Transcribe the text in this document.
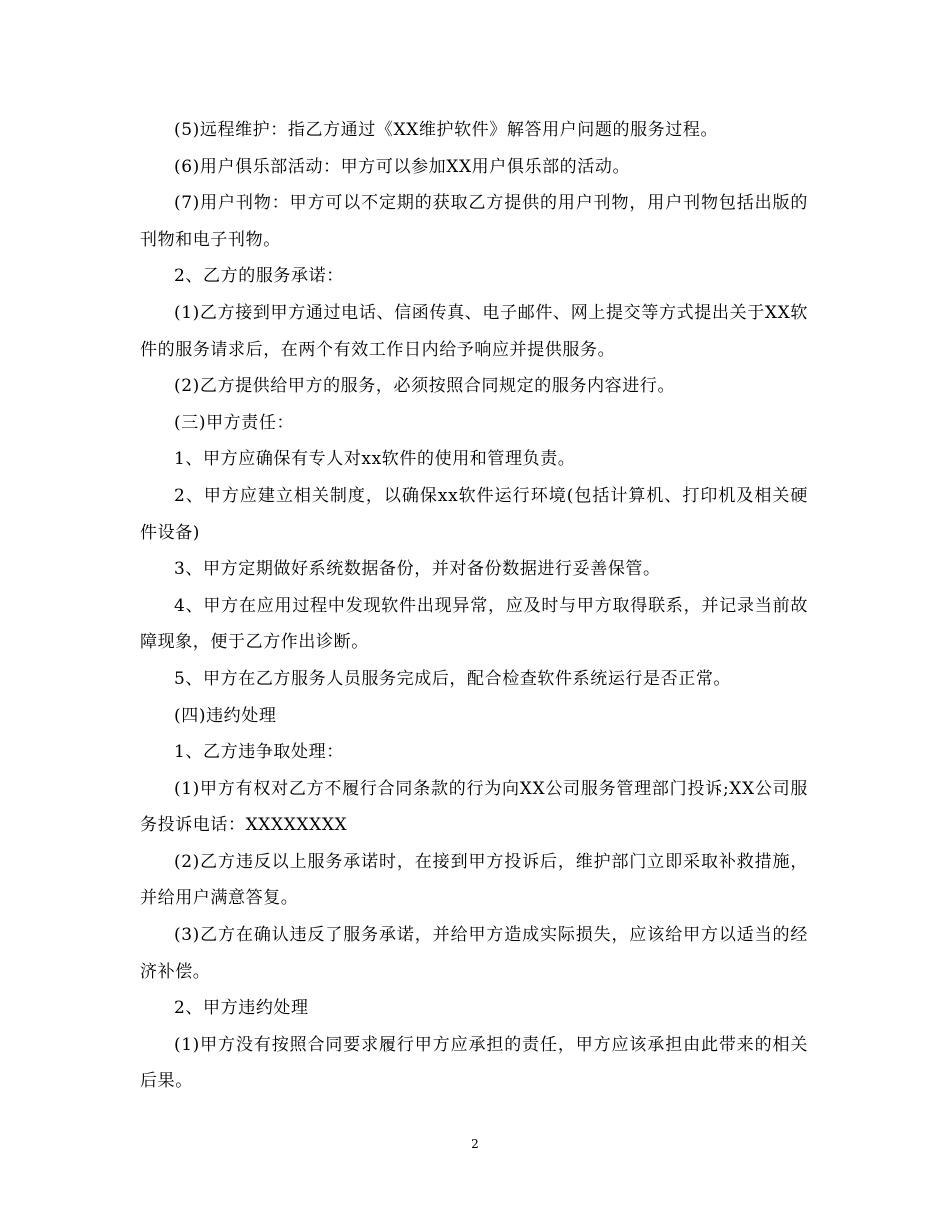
(5)远程维护：指乙方通过《XX维护软件》解答用户问题的服务过程。

(6)用户俱乐部活动：甲方可以参加XX用户俱乐部的活动。

(7)用户刊物：甲方可以不定期的获取乙方提供的用户刊物，用户刊物包括出版的刊物和电子刊物。

2、乙方的服务承诺：

(1)乙方接到甲方通过电话、信函传真、电子邮件、网上提交等方式提出关于XX软件的服务请求后，在两个有效工作日内给予响应并提供服务。

(2)乙方提供给甲方的服务，必须按照合同规定的服务内容进行。

(三)甲方责任：

1、甲方应确保有专人对xx软件的使用和管理负责。

2、甲方应建立相关制度，以确保xx软件运行环境(包括计算机、打印机及相关硬件设备)

3、甲方定期做好系统数据备份，并对备份数据进行妥善保管。

4、甲方在应用过程中发现软件出现异常，应及时与甲方取得联系，并记录当前故障现象，便于乙方作出诊断。

5、甲方在乙方服务人员服务完成后，配合检查软件系统运行是否正常。

(四)违约处理

1、乙方违争取处理：

(1)甲方有权对乙方不履行合同条款的行为向XX公司服务管理部门投诉;XX公司服务投诉电话：XXXXXXXX

(2)乙方违反以上服务承诺时，在接到甲方投诉后，维护部门立即采取补救措施，并给用户满意答复。

(3)乙方在确认违反了服务承诺，并给甲方造成实际损失，应该给甲方以适当的经济补偿。

2、甲方违约处理

(1)甲方没有按照合同要求履行甲方应承担的责任，甲方应该承担由此带来的相关后果。

2
